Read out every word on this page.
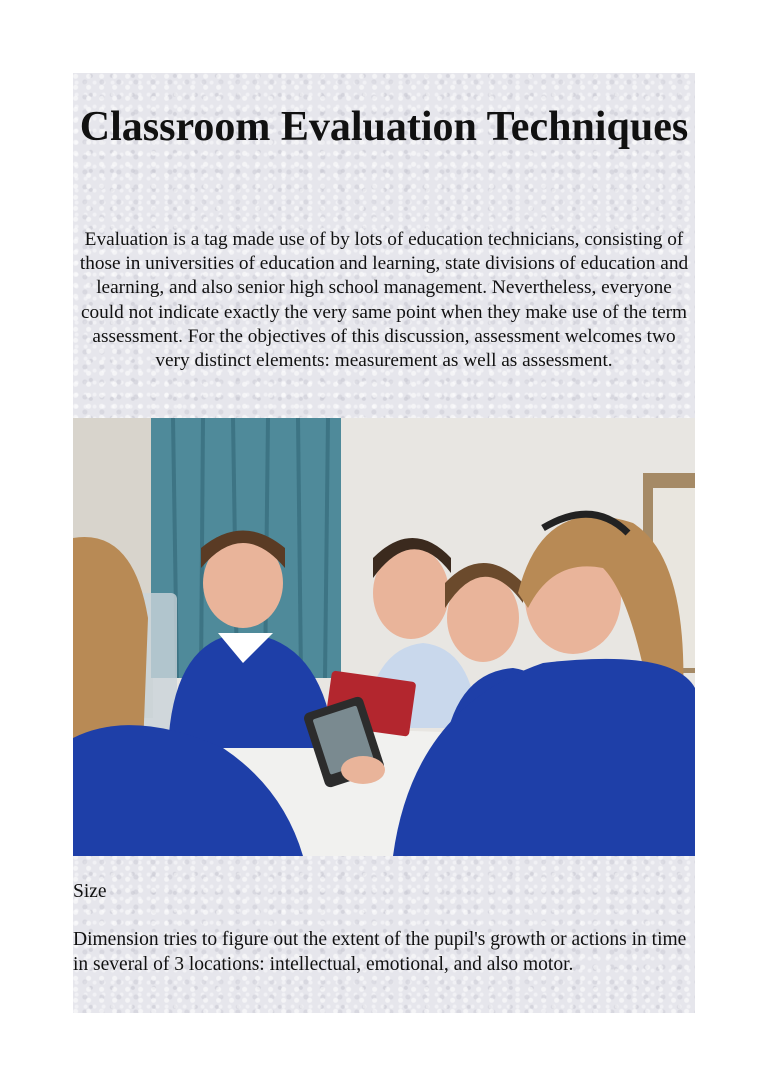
Classroom Evaluation Techniques

Evaluation is a tag made use of by lots of education technicians, consisting of those in universities of education and learning, state divisions of education and learning, and also senior high school management. Nevertheless, everyone could not indicate exactly the very same point when they make use of the term assessment. For the objectives of this discussion, assessment welcomes two very distinct elements: measurement as well as assessment.

Size

Dimension tries to figure out the extent of the pupil's growth or actions in time in several of 3 locations: intellectual, emotional, and also motor.
